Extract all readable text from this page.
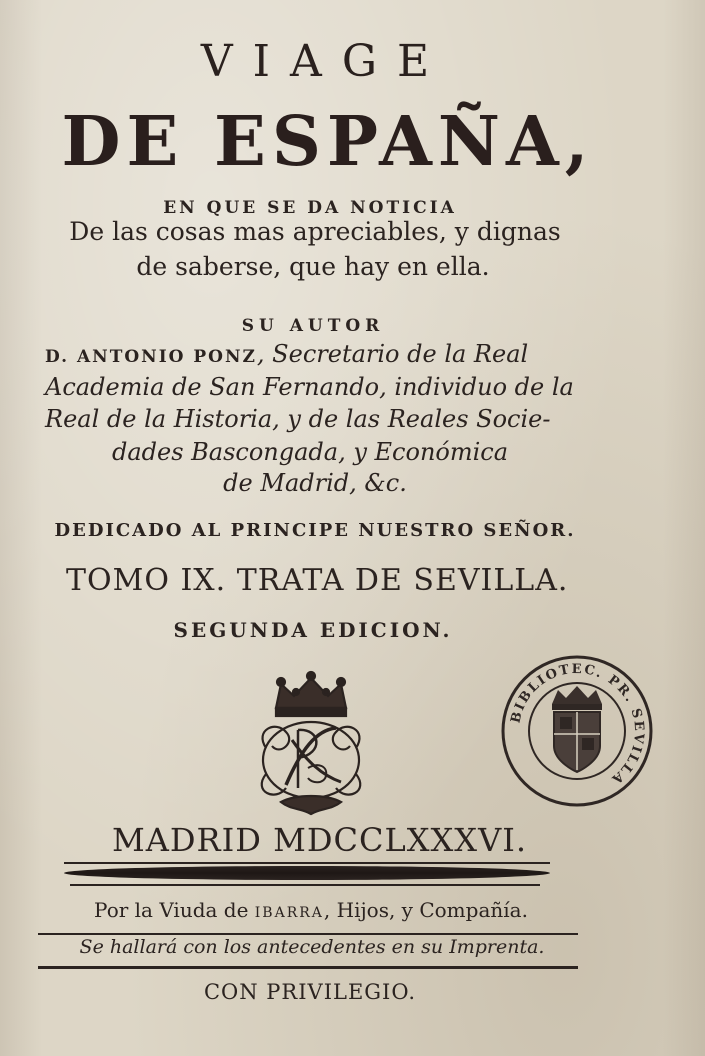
VIAGE
DE ESPAÑA,
EN QUE SE DA NOTICIA
De las cosas mas apreciables, y dignas
de saberse, que hay en ella.
SU AUTOR
D. ANTONIO PONZ, Secretario de la Real
Academia de San Fernando, individuo de la
Real de la Historia, y de las Reales Socie-
dades Bascongada, y Económica
de Madrid, &c.
DEDICADO AL PRINCIPE NUESTRO SEÑOR.
TOMO IX. TRATA DE SEVILLA.
SEGUNDA EDICION.
BIBLIOTEC. PR. SEVILLA
MADRID MDCCLXXXVI.
Por la Viuda de IBARRA, Hijos, y Compañía.
Se hallará con los antecedentes en su Imprenta.
CON PRIVILEGIO.
